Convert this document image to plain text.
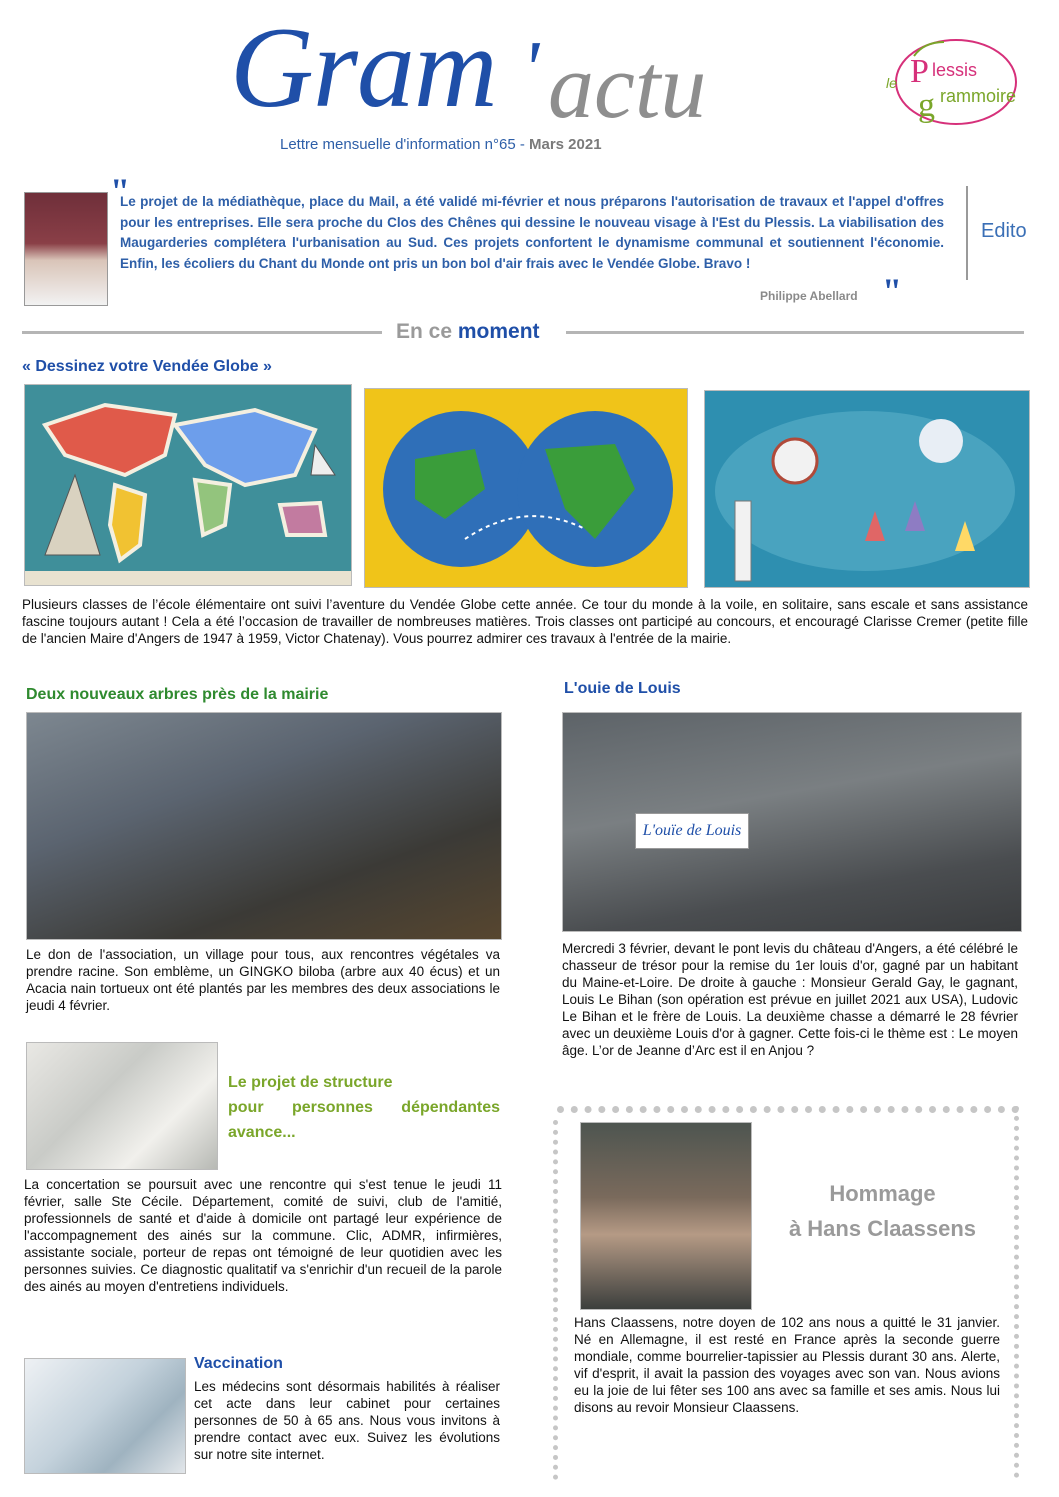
Gram ' actu
Lettre mensuelle d'information n°65 - Mars 2021
le P lessis
g rammoire
"
Le projet de la médiathèque, place du Mail, a été validé mi-février et nous préparons l'autorisation de travaux et l'appel d'offres pour les entreprises. Elle sera proche du Clos des Chênes qui dessine le nouveau visage à l'Est du Plessis. La viabilisation des Maugarderies complétera l'urbanisation au Sud. Ces projets confortent le dynamisme communal et soutiennent l'économie. Enfin, les écoliers du Chant du Monde ont pris un bon bol d'air frais avec le Vendée Globe. Bravo !
Philippe Abellard "
Edito
En ce moment
« Dessinez votre Vendée Globe »
Plusieurs classes de l’école élémentaire ont suivi l’aventure du Vendée Globe cette année. Ce tour du monde à la voile, en solitaire, sans escale et sans assistance fascine toujours autant ! Cela a été l’occasion de travailler de nombreuses matières. Trois classes ont participé au concours, et encouragé Clarisse Cremer (petite fille de l'ancien Maire d'Angers de 1947 à 1959, Victor Chatenay). Vous pourrez admirer ces travaux à l'entrée de la mairie.
Deux nouveaux arbres près de la mairie
Le don de l'association, un village pour tous, aux rencontres végétales va prendre racine. Son emblème, un GINGKO biloba (arbre aux 40 écus) et un Acacia nain tortueux ont été plantés par les membres des deux associations le jeudi 4 février.
L'ouie de Louis
L'ouïe de Louis
Mercredi 3 février, devant le pont levis du château d'Angers, a été célébré le chasseur de trésor pour la remise du 1er louis d'or, gagné par un habitant du Maine-et-Loire. De droite à gauche : Monsieur Gerald Gay, le gagnant, Louis Le Bihan (son opération est prévue en juillet 2021 aux USA), Ludovic Le Bihan et le frère de Louis. La deuxième chasse a démarré le 28 février avec un deuxième Louis d'or à gagner. Cette fois-ci le thème est : Le moyen âge. L’or de Jeanne d’Arc est il en Anjou ?
Le projet de structure
pour personnes dépendantes
avance...
La concertation se poursuit avec une rencontre qui s'est tenue le jeudi 11 février, salle Ste Cécile. Département, comité de suivi, club de l'amitié, professionnels de santé et d'aide à domicile ont partagé leur expérience de l'accompagnement des ainés sur la commune. Clic, ADMR, infirmières, assistante sociale, porteur de repas ont témoigné de leur quotidien avec les personnes suivies. Ce diagnostic qualitatif va s'enrichir d'un recueil de la parole des ainés au moyen d'entretiens individuels.
Vaccination
Les médecins sont désormais habilités à réaliser cet acte dans leur cabinet pour certaines personnes de 50 à 65 ans. Nous vous invitons à prendre contact avec eux. Suivez les évolutions sur notre site internet.
Hommage
à Hans Claassens
Hans Claassens, notre doyen de 102 ans nous a quitté le 31 janvier. Né en Allemagne, il est resté en France après la seconde guerre mondiale, comme bourrelier-tapissier au Plessis durant 30 ans. Alerte, vif d'esprit, il avait la passion des voyages avec son van. Nous avions eu la joie de lui fêter ses 100 ans avec sa famille et ses amis. Nous lui disons au revoir Monsieur Claassens.
